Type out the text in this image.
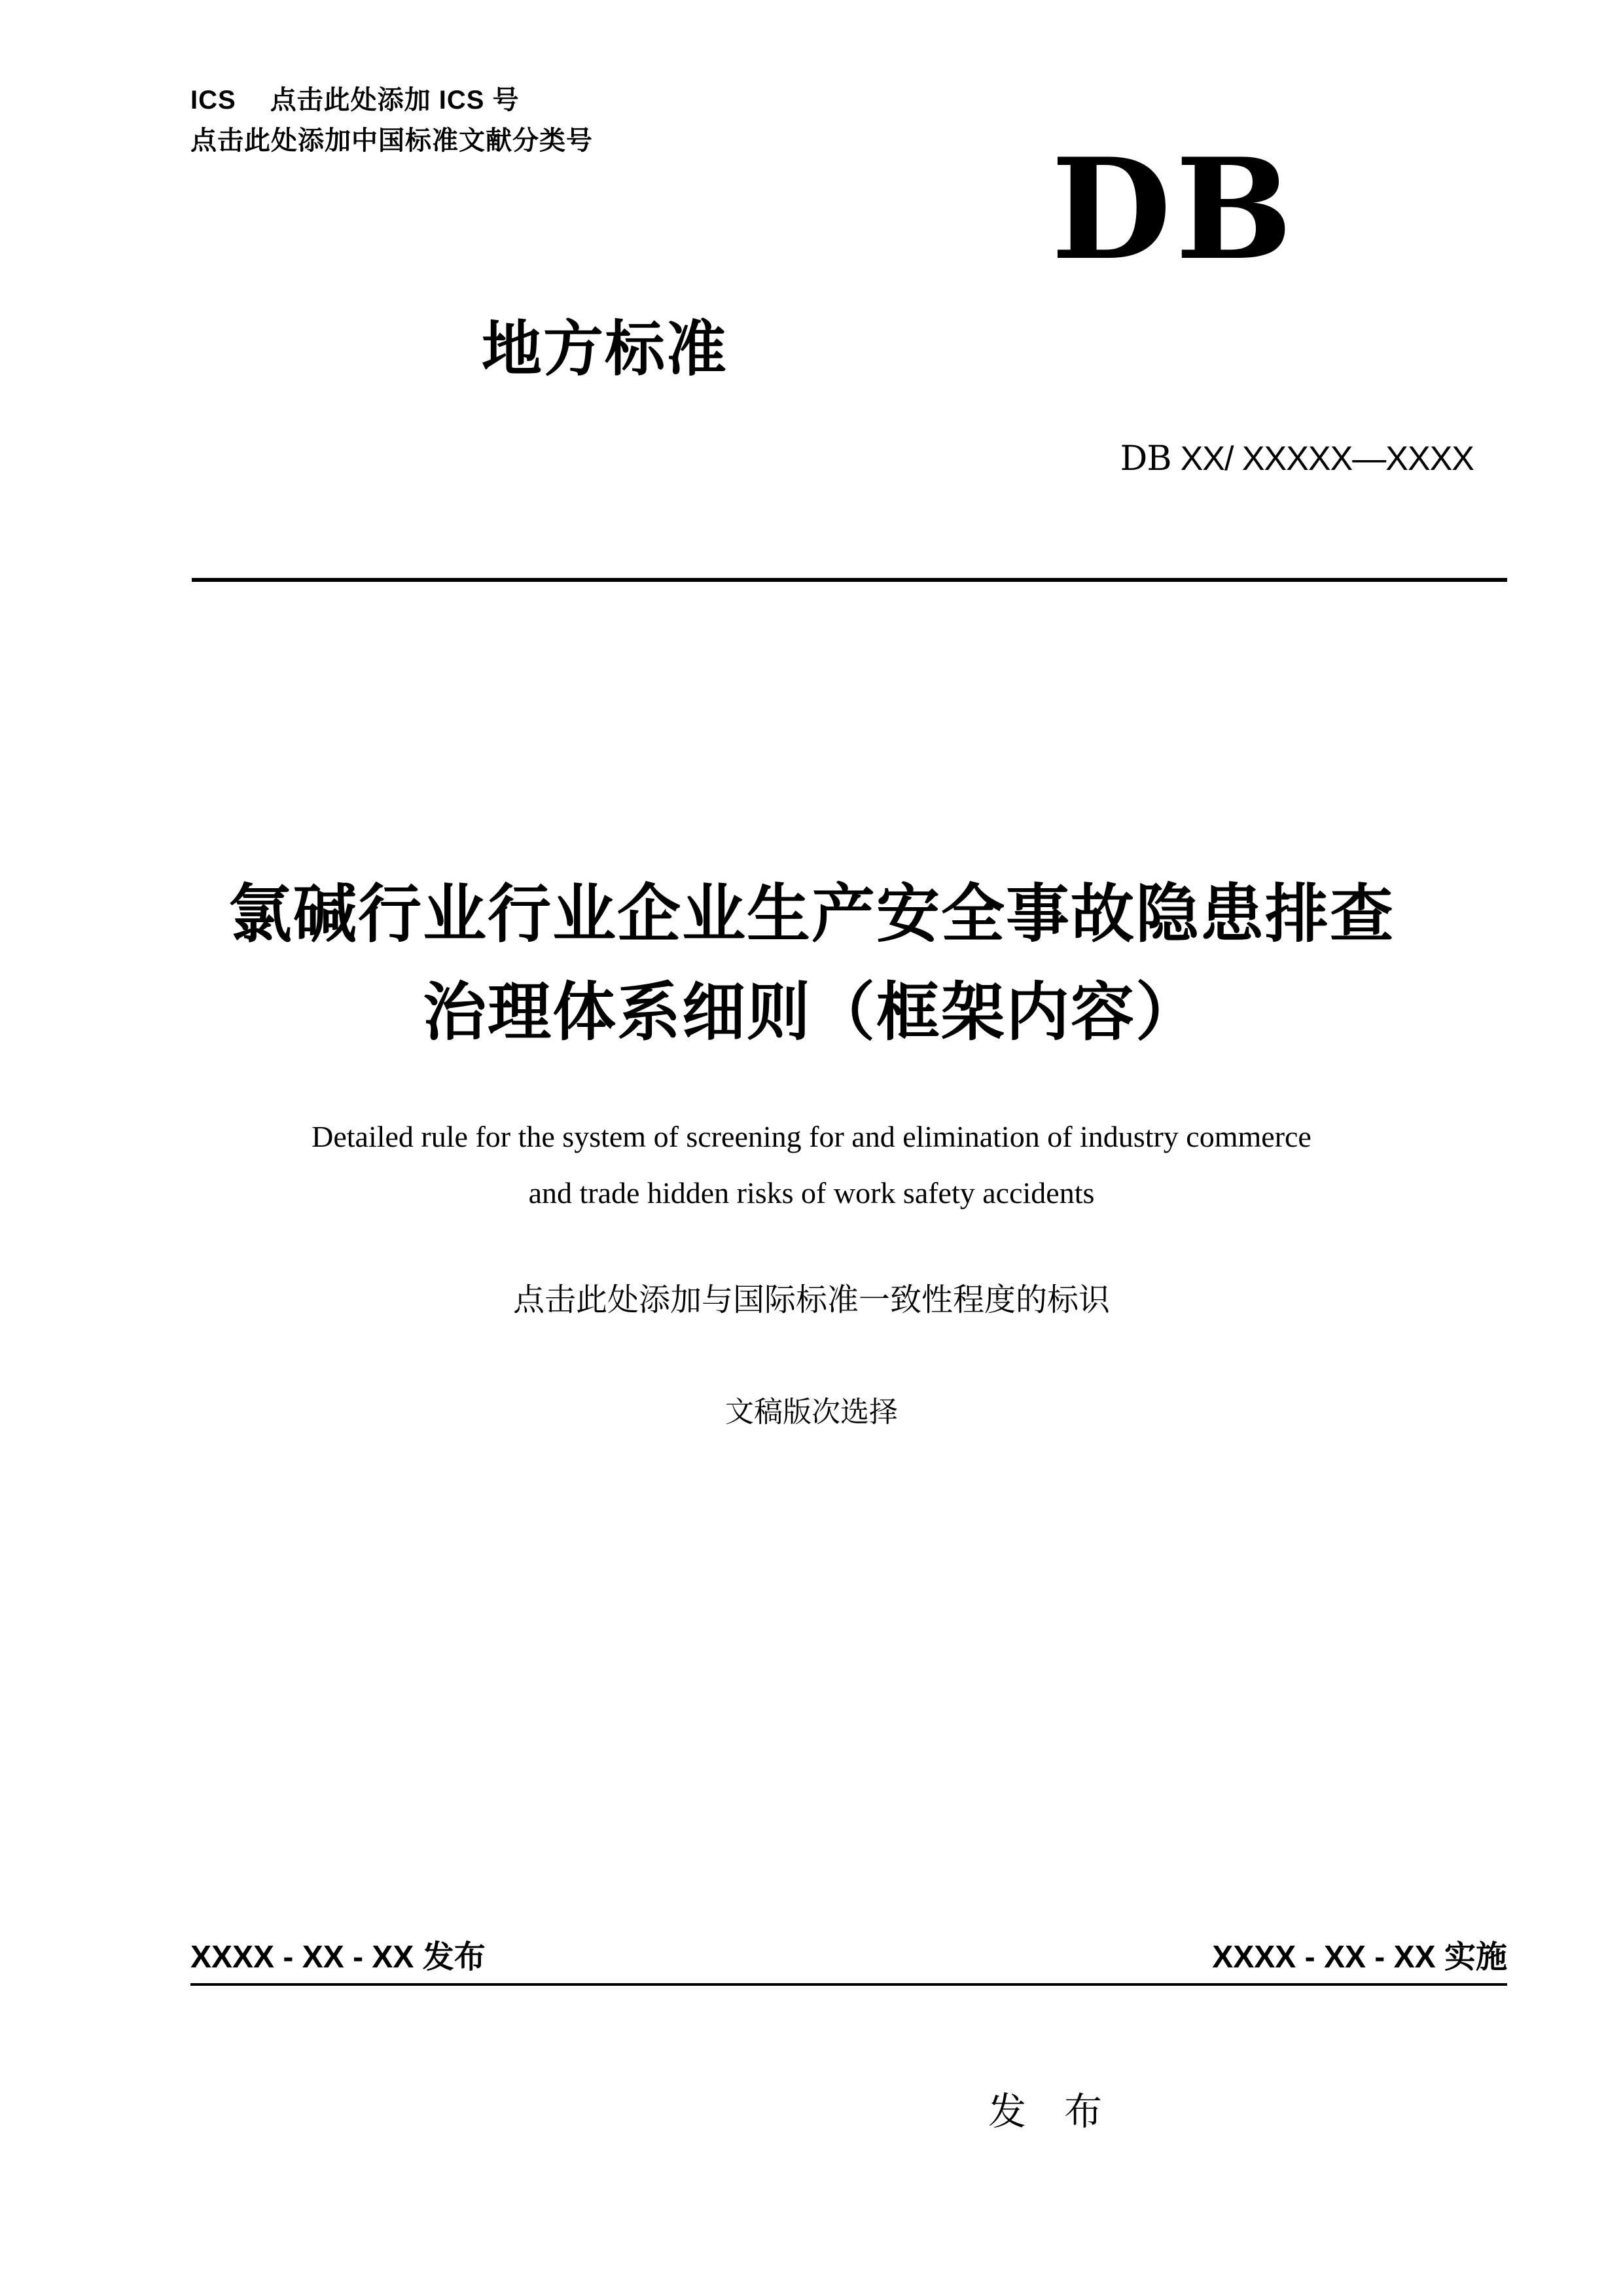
ICS 点击此处添加 ICS 号
点击此处添加中国标准文献分类号	DB
地方标准
DB XX/ XXXXX—XXXX
氯碱行业行业企业生产安全事故隐患排查
治理体系细则（框架内容）
Detailed rule for the system of screening for and elimination of industry commerce
and trade hidden risks of work safety accidents
点击此处添加与国际标准一致性程度的标识
文稿版次选择
XXXX - XX - XX 发布	XXXX - XX - XX 实施
发　布
